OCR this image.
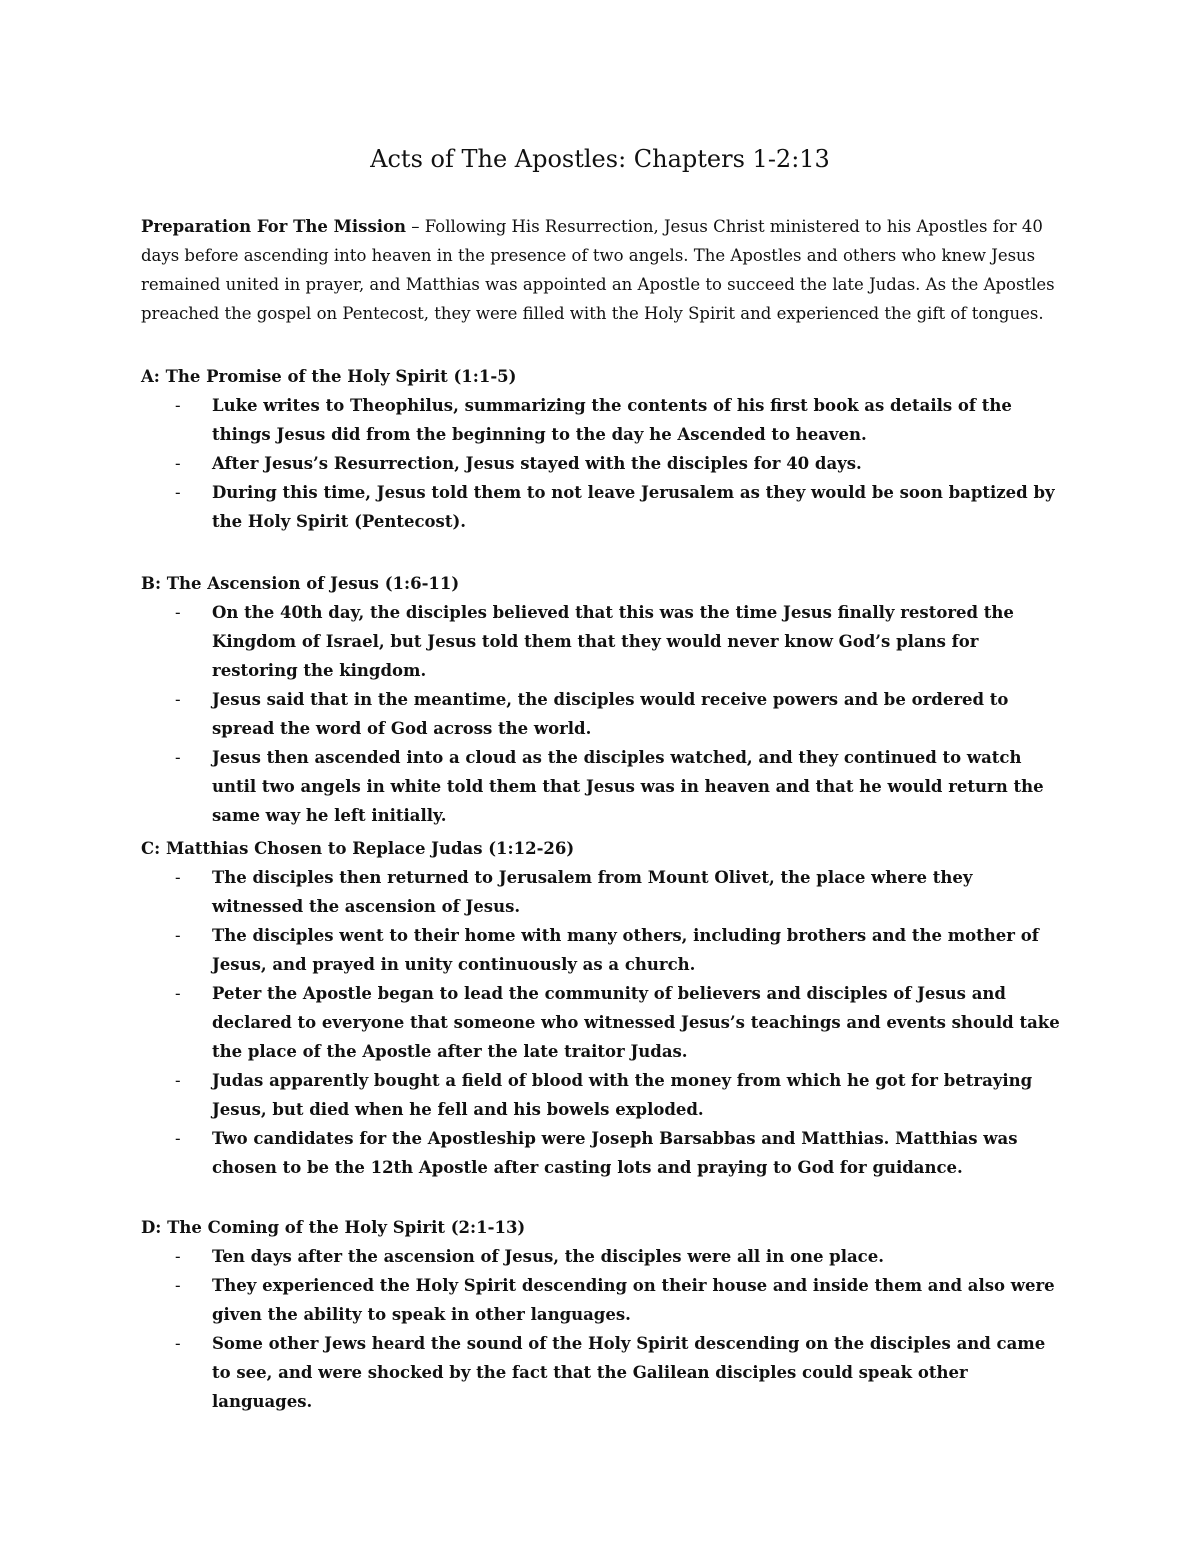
Acts of The Apostles: Chapters 1-2:13

Preparation For The Mission – Following His Resurrection, Jesus Christ ministered to his Apostles for 40 days before ascending into heaven in the presence of two angels. The Apostles and others who knew Jesus remained united in prayer, and Matthias was appointed an Apostle to succeed the late Judas. As the Apostles preached the gospel on Pentecost, they were filled with the Holy Spirit and experienced the gift of tongues.

A: The Promise of the Holy Spirit (1:1-5)
- Luke writes to Theophilus, summarizing the contents of his first book as details of the things Jesus did from the beginning to the day he Ascended to heaven.
- After Jesus’s Resurrection, Jesus stayed with the disciples for 40 days.
- During this time, Jesus told them to not leave Jerusalem as they would be soon baptized by the Holy Spirit (Pentecost).
B: The Ascension of Jesus (1:6-11)
- On the 40th day, the disciples believed that this was the time Jesus finally restored the Kingdom of Israel, but Jesus told them that they would never know God’s plans for restoring the kingdom.
- Jesus said that in the meantime, the disciples would receive powers and be ordered to spread the word of God across the world.
- Jesus then ascended into a cloud as the disciples watched, and they continued to watch until two angels in white told them that Jesus was in heaven and that he would return the same way he left initially.
C: Matthias Chosen to Replace Judas (1:12-26)
- The disciples then returned to Jerusalem from Mount Olivet, the place where they witnessed the ascension of Jesus.
- The disciples went to their home with many others, including brothers and the mother of Jesus, and prayed in unity continuously as a church.
- Peter the Apostle began to lead the community of believers and disciples of Jesus and declared to everyone that someone who witnessed Jesus’s teachings and events should take the place of the Apostle after the late traitor Judas.
- Judas apparently bought a field of blood with the money from which he got for betraying Jesus, but died when he fell and his bowels exploded.
- Two candidates for the Apostleship were Joseph Barsabbas and Matthias. Matthias was chosen to be the 12th Apostle after casting lots and praying to God for guidance.
D: The Coming of the Holy Spirit (2:1-13)
- Ten days after the ascension of Jesus, the disciples were all in one place.
- They experienced the Holy Spirit descending on their house and inside them and also were given the ability to speak in other languages.
- Some other Jews heard the sound of the Holy Spirit descending on the disciples and came to see, and were shocked by the fact that the Galilean disciples could speak other languages.
